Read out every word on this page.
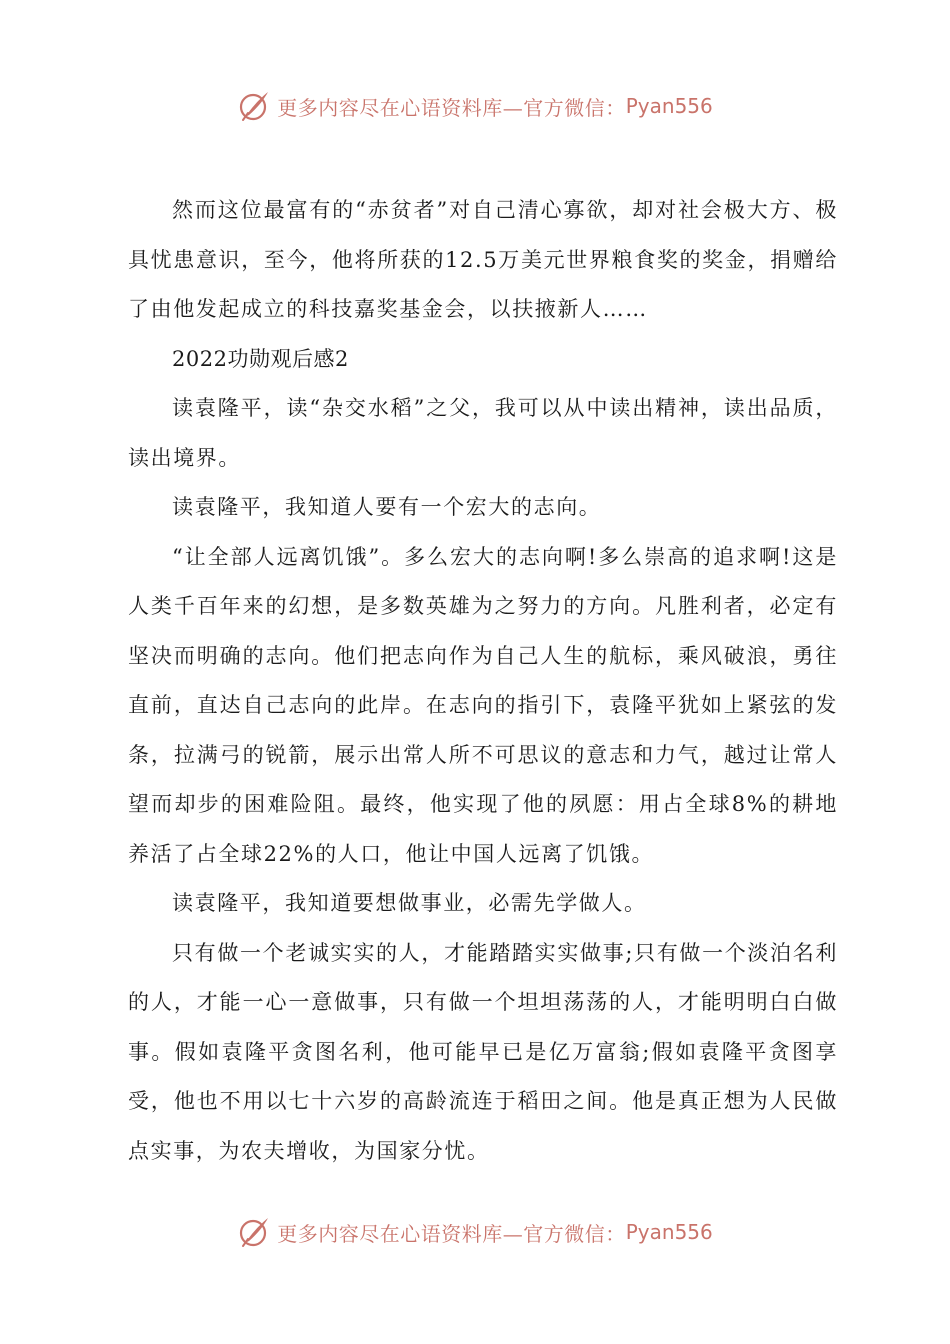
更多内容尽在心语资料库—官方微信： Pyan556

然而这位最富有的“赤贫者”对自己清心寡欲，却对社会极大方、极具忧患意识，至今，他将所获的12.5万美元世界粮食奖的奖金，捐赠给了由他发起成立的科技嘉奖基金会，以扶掖新人……

2022功勋观后感2

读袁隆平，读“杂交水稻”之父，我可以从中读出精神，读出品质，读出境界。

读袁隆平，我知道人要有一个宏大的志向。

“让全部人远离饥饿”。多么宏大的志向啊!多么崇高的追求啊!这是人类千百年来的幻想，是多数英雄为之努力的方向。凡胜利者，必定有坚决而明确的志向。他们把志向作为自己人生的航标，乘风破浪，勇往直前，直达自己志向的此岸。在志向的指引下，袁隆平犹如上紧弦的发条，拉满弓的锐箭，展示出常人所不可思议的意志和力气，越过让常人望而却步的困难险阻。最终，他实现了他的夙愿：用占全球8%的耕地养活了占全球22%的人口，他让中国人远离了饥饿。

读袁隆平，我知道要想做事业，必需先学做人。

只有做一个老诚实实的人，才能踏踏实实做事;只有做一个淡泊名利的人，才能一心一意做事，只有做一个坦坦荡荡的人，才能明明白白做事。假如袁隆平贪图名利，他可能早已是亿万富翁;假如袁隆平贪图享受，他也不用以七十六岁的高龄流连于稻田之间。他是真正想为人民做点实事，为农夫增收，为国家分忧。

更多内容尽在心语资料库—官方微信： Pyan556
